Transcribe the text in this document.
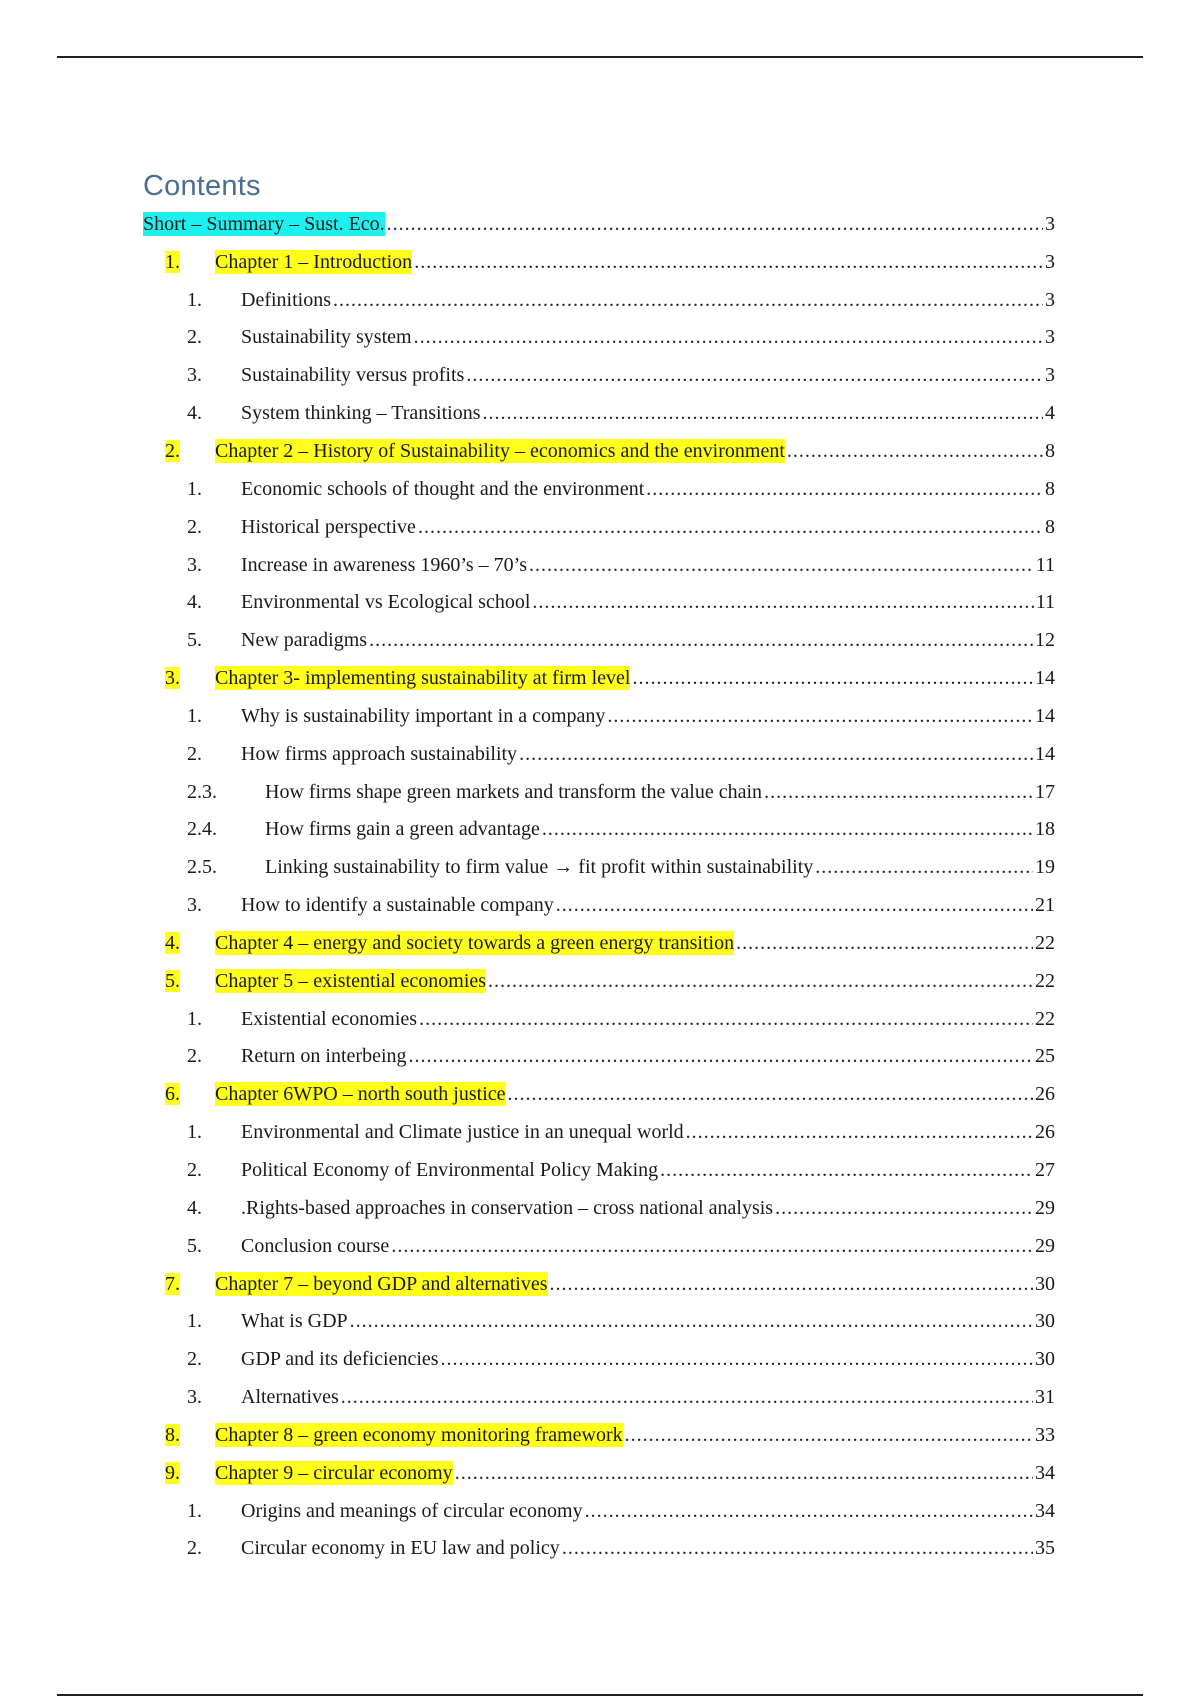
Contents
Short – Summary – Sust. Eco. .....	3
1.	Chapter 1 – Introduction .....	3
1.	Definitions .....	3
2.	Sustainability system .....	3
3.	Sustainability versus profits .....	3
4.	System thinking – Transitions .....	4
2.	Chapter 2 – History of Sustainability – economics and the environment .....	8
1.	Economic schools of thought and the environment .....	8
2.	Historical perspective .....	8
3.	Increase in awareness 1960’s – 70’s .....	11
4.	Environmental vs Ecological school .....	11
5.	New paradigms .....	12
3.	Chapter 3- implementing sustainability at firm level .....	14
1.	Why is sustainability important in a company .....	14
2.	How firms approach sustainability .....	14
2.3.	How firms shape green markets and transform the value chain .....	17
2.4.	How firms gain a green advantage .....	18
2.5.	Linking sustainability to firm value → fit profit within sustainability .....	19
3.	How to identify a sustainable company .....	21
4.	Chapter 4 – energy and society towards a green energy transition .....	22
5.	Chapter 5 – existential economies .....	22
1.	Existential economies .....	22
2.	Return on interbeing .....	25
6.	Chapter 6WPO – north south justice .....	26
1.	Environmental and Climate justice in an unequal world .....	26
2.	Political Economy of Environmental Policy Making .....	27
4.	.Rights-based approaches in conservation – cross national analysis .....	29
5.	Conclusion course .....	29
7.	Chapter 7 – beyond GDP and alternatives .....	30
1.	What is GDP .....	30
2.	GDP and its deficiencies .....	30
3.	Alternatives .....	31
8.	Chapter 8 – green economy monitoring framework .....	33
9.	Chapter 9 – circular economy .....	34
1.	Origins and meanings of circular economy .....	34
2.	Circular economy in EU law and policy .....	35
